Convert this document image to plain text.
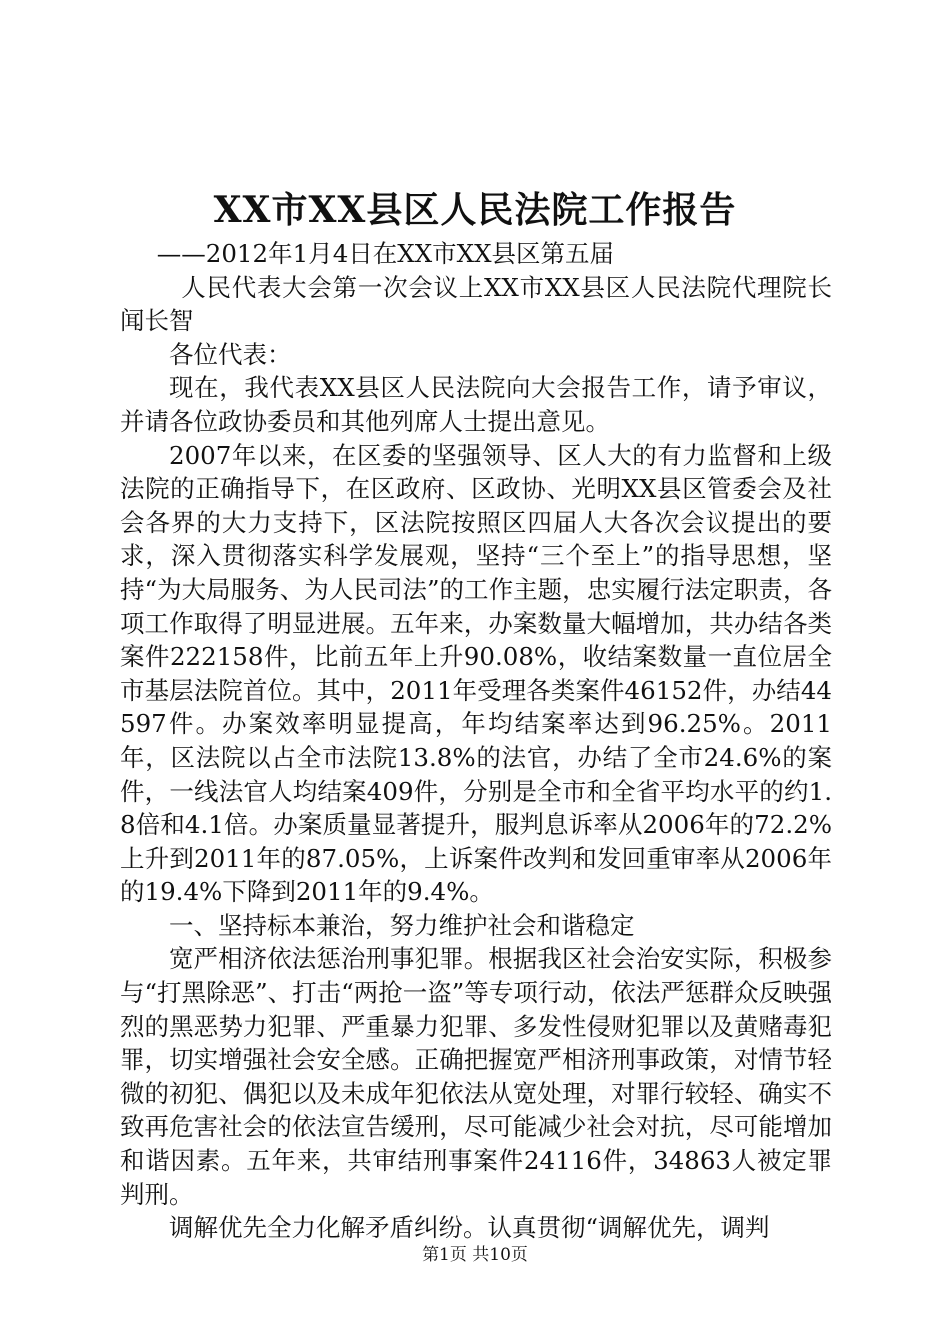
XX市XX县区人民法院工作报告

——2012年1月4日在XX市XX县区第五届

人民代表大会第一次会议上XX市XX县区人民法院代理院长闻长智

各位代表：

现在，我代表XX县区人民法院向大会报告工作，请予审议，并请各位政协委员和其他列席人士提出意见。

2007年以来，在区委的坚强领导、区人大的有力监督和上级法院的正确指导下，在区政府、区政协、光明XX县区管委会及社会各界的大力支持下，区法院按照区四届人大各次会议提出的要求，深入贯彻落实科学发展观，坚持“三个至上”的指导思想，坚持“为大局服务、为人民司法”的工作主题，忠实履行法定职责，各项工作取得了明显进展。五年来，办案数量大幅增加，共办结各类案件222158件，比前五年上升90.08%，收结案数量一直位居全市基层法院首位。其中，2011年受理各类案件46152件，办结44597件。办案效率明显提高，年均结案率达到96.25%。2011年，区法院以占全市法院13.8%的法官，办结了全市24.6%的案件，一线法官人均结案409件，分别是全市和全省平均水平的约1.8倍和4.1倍。办案质量显著提升，服判息诉率从2006年的72.2%上升到2011年的87.05%，上诉案件改判和发回重审率从2006年的19.4%下降到2011年的9.4%。

一、坚持标本兼治，努力维护社会和谐稳定

宽严相济依法惩治刑事犯罪。根据我区社会治安实际，积极参与“打黑除恶”、打击“两抢一盗”等专项行动，依法严惩群众反映强烈的黑恶势力犯罪、严重暴力犯罪、多发性侵财犯罪以及黄赌毒犯罪，切实增强社会安全感。正确把握宽严相济刑事政策，对情节轻微的初犯、偶犯以及未成年犯依法从宽处理，对罪行较轻、确实不致再危害社会的依法宣告缓刑，尽可能减少社会对抗，尽可能增加和谐因素。五年来，共审结刑事案件24116件，34863人被定罪判刑。

调解优先全力化解矛盾纠纷。认真贯彻“调解优先，调判

第1页 共10页
